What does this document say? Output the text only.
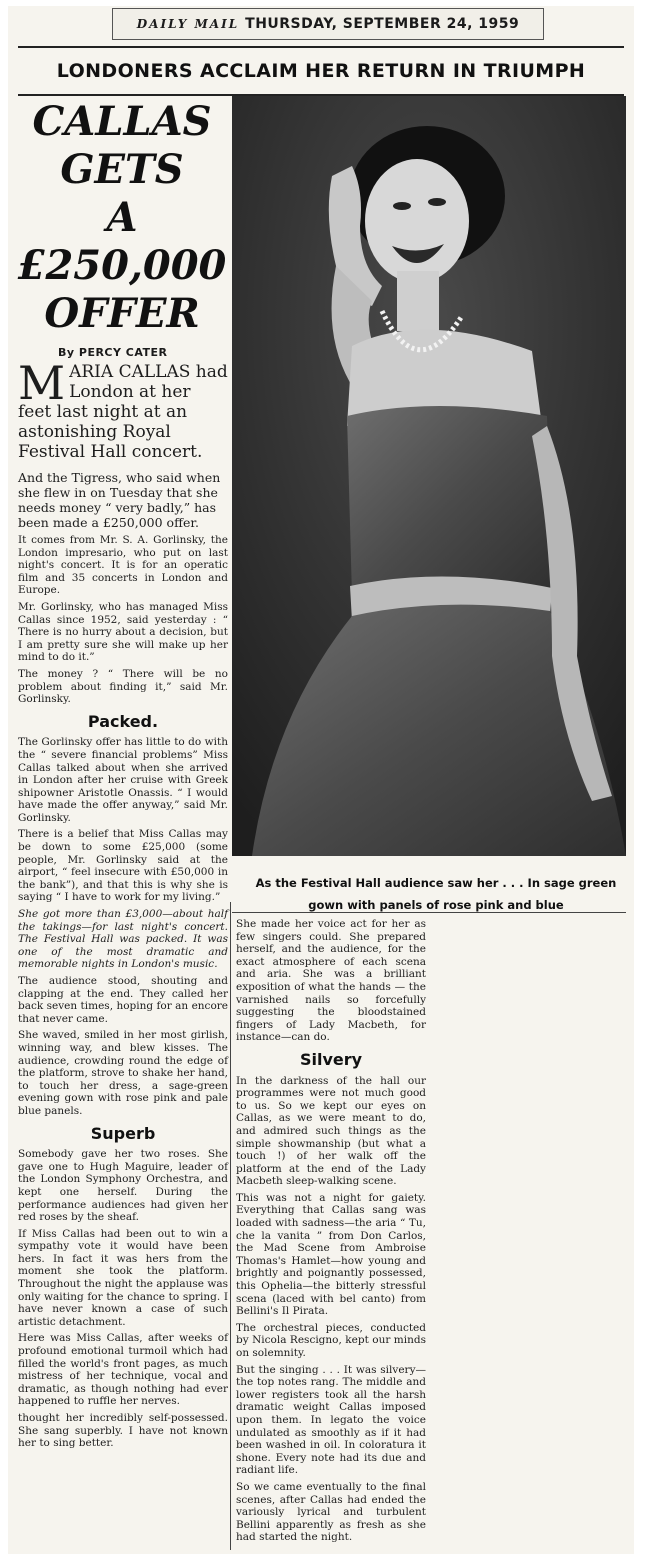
DAILY MAIL THURSDAY, SEPTEMBER 24, 1959
LONDONERS ACCLAIM HER RETURN IN TRIUMPH
CALLAS
GETS
A
£250,000
OFFER
By PERCY CATER

MARIA CALLAS had London at her feet last night at an astonishing Royal Festival Hall concert.

And the Tigress, who said when she flew in on Tuesday that she needs money “ very badly,” has been made a £250,000 offer.

It comes from Mr. S. A. Gorlinsky, the London impresario, who put on last night's concert. It is for an operatic film and 35 concerts in London and Europe.

Mr. Gorlinsky, who has managed Miss Callas since 1952, said yesterday : “ There is no hurry about a decision, but I am pretty sure she will make up her mind to do it.”

The money ? “ There will be no problem about finding it,” said Mr. Gorlinsky.

Packed.

The Gorlinsky offer has little to do with the “ severe financial problems” Miss Callas talked about when she arrived in London after her cruise with Greek shipowner Aristotle Onassis. “ I would have made the offer anyway,” said Mr. Gorlinsky.

There is a belief that Miss Callas may be down to some £25,000 (some people, Mr. Gorlinsky said at the airport, “ feel insecure with £50,000 in the bank”), and that this is why she is saying “ I have to work for my living.”

She got more than £3,000—about half the takings—for last night's concert. The Festival Hall was packed. It was one of the most dramatic and memorable nights in London's music.

The audience stood, shouting and clapping at the end. They called her back seven times, hoping for an encore that never came.

She waved, smiled in her most girlish, winning way, and blew kisses. The audience, crowding round the edge of the platform, strove to shake her hand, to touch her dress, a sage-green evening gown with rose pink and pale blue panels.

Superb

Somebody gave her two roses. She gave one to Hugh Maguire, leader of the London Symphony Orchestra, and kept one herself. During the performance audiences had given her red roses by the sheaf.

If Miss Callas had been out to win a sympathy vote it would have been hers. In fact it was hers from the moment she took the platform. Throughout the night the applause was only waiting for the chance to spring. I have never known a case of such artistic detachment.

Here was Miss Callas, after weeks of profound emotional turmoil which had filled the world's front pages, as much mistress of her technique, vocal and dramatic, as though nothing had ever happened to ruffle her nerves.

thought her incredibly self-possessed. She sang superbly. I have not known her to sing better.

As the Festival Hall audience saw her . . . In sage green gown with panels of rose pink and blue

She made her voice act for her as few singers could. She prepared herself, and the audience, for the exact atmosphere of each scena and aria. She was a brilliant exposition of what the hands — the varnished nails so forcefully suggesting the bloodstained fingers of Lady Macbeth, for instance—can do.

Silvery

In the darkness of the hall our programmes were not much good to us. So we kept our eyes on Callas, as we were meant to do, and admired such things as the simple showmanship (but what a touch !) of her walk off the platform at the end of the Lady Macbeth sleep-walking scene.

This was not a night for gaiety. Everything that Callas sang was loaded with sadness—the aria “ Tu, che la vanita ” from Don Carlos, the Mad Scene from Ambroise Thomas's Hamlet—how young and brightly and poignantly possessed, this Ophelia—the bitterly stressful scena (laced with bel canto) from Bellini's Il Pirata.

The orchestral pieces, conducted by Nicola Rescigno, kept our minds on solemnity.

But the singing . . . It was silvery—the top notes rang. The middle and lower registers took all the harsh dramatic weight Callas imposed upon them. In legato the voice undulated as smoothly as if it had been washed in oil. In coloratura it shone. Every note had its due and radiant life.

So we came eventually to the final scenes, after Callas had ended the variously lyrical and turbulent Bellini apparently as fresh as she had started the night.
